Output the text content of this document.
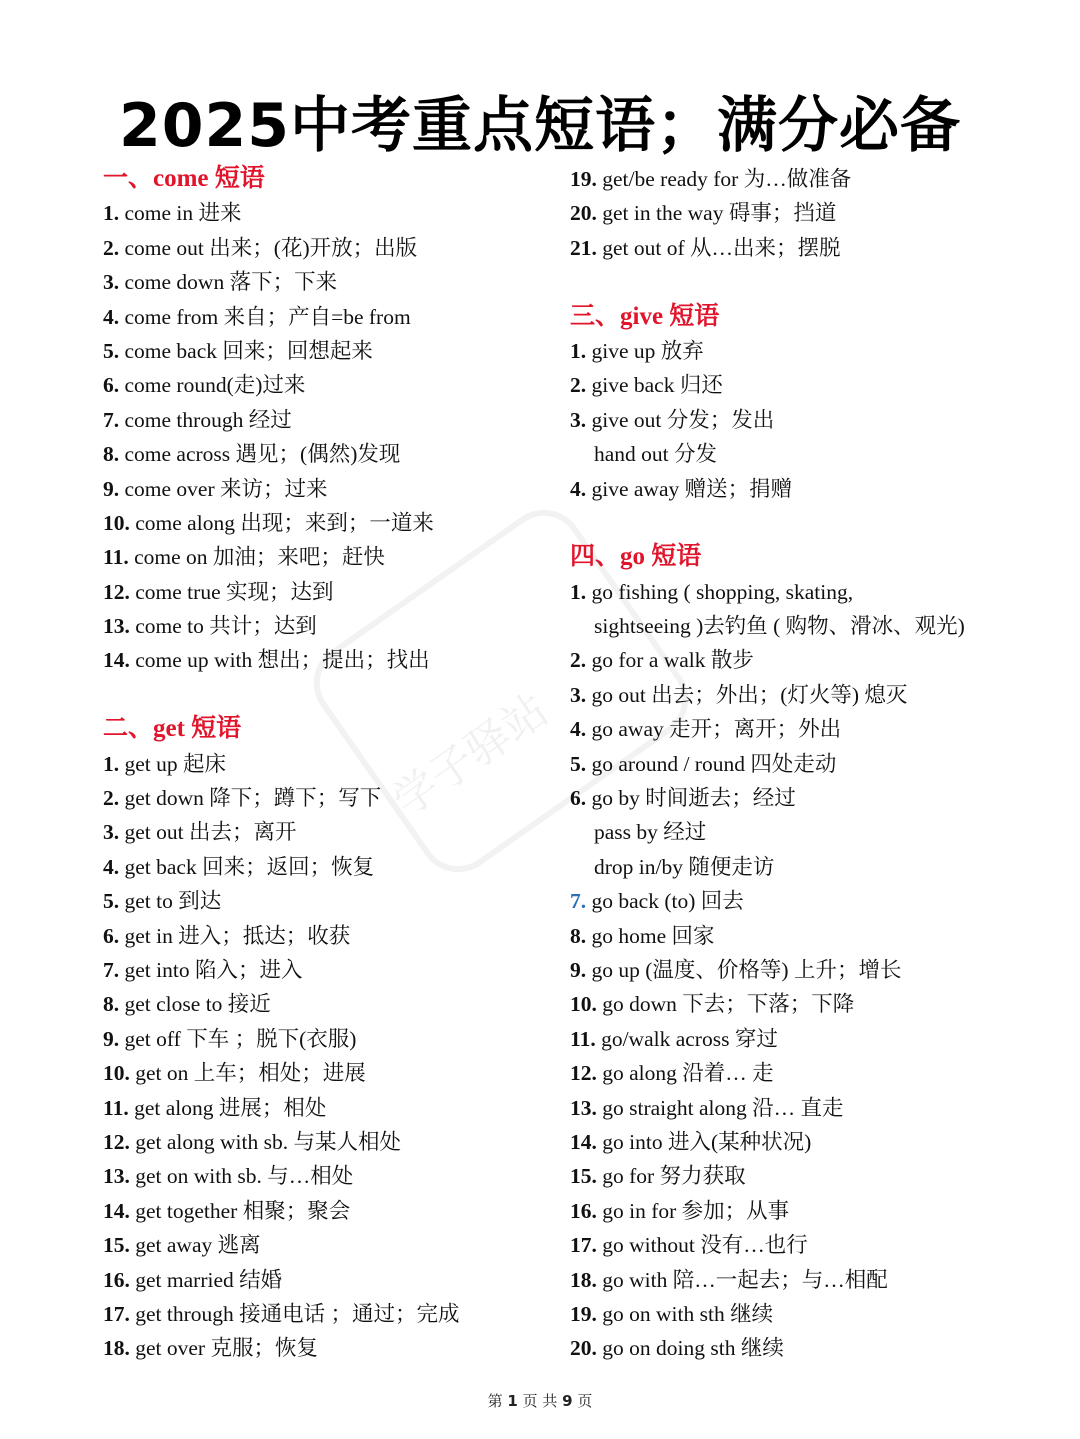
学子驿站
2025中考重点短语；满分必备
一、come 短语
1. come in 进来
2. come out 出来；(花)开放；出版
3. come down 落下；下来
4. come from 来自；产自=be from
5. come back 回来；回想起来
6. come round(走)过来
7. come through 经过
8. come across 遇见；(偶然)发现
9. come over 来访；过来
10. come along 出现；来到；一道来
11. come on 加油；来吧；赶快
12. come true 实现；达到
13. come to 共计；达到
14. come up with 想出；提出；找出
二、get 短语
1. get up 起床
2. get down 降下；蹲下；写下
3. get out 出去；离开
4. get back 回来；返回；恢复
5. get to 到达
6. get in 进入；抵达；收获
7. get into 陷入；进入
8. get close to 接近
9. get off 下车 ；脱下(衣服)
10. get on 上车；相处；进展
11. get along 进展；相处
12. get along with sb. 与某人相处
13. get on with sb. 与…相处
14. get together 相聚；聚会
15. get away 逃离
16. get married 结婚
17. get through 接通电话 ；通过；完成
18. get over 克服；恢复
19. get/be ready for 为…做准备
20. get in the way 碍事；挡道
21. get out of 从…出来；摆脱
三、give 短语
1. give up 放弃
2. give back 归还
3. give out 分发；发出
hand out 分发
4. give away 赠送；捐赠
四、go 短语
1. go fishing ( shopping, skating,
sightseeing )去钓鱼 ( 购物、滑冰、观光)
2. go for a walk 散步
3. go out 出去；外出；(灯火等) 熄灭
4. go away 走开；离开；外出
5. go around / round 四处走动
6. go by 时间逝去；经过
pass by 经过
drop in/by 随便走访
7. go back (to) 回去
8. go home 回家
9. go up (温度、价格等) 上升；增长
10. go down 下去；下落；下降
11. go/walk across 穿过
12. go along 沿着… 走
13. go straight along 沿… 直走
14. go into 进入(某种状况)
15. go for 努力获取
16. go in for 参加；从事
17. go without 没有…也行
18. go with 陪…一起去；与…相配
19. go on with sth 继续
20. go on doing sth 继续
第 1 页 共 9 页
